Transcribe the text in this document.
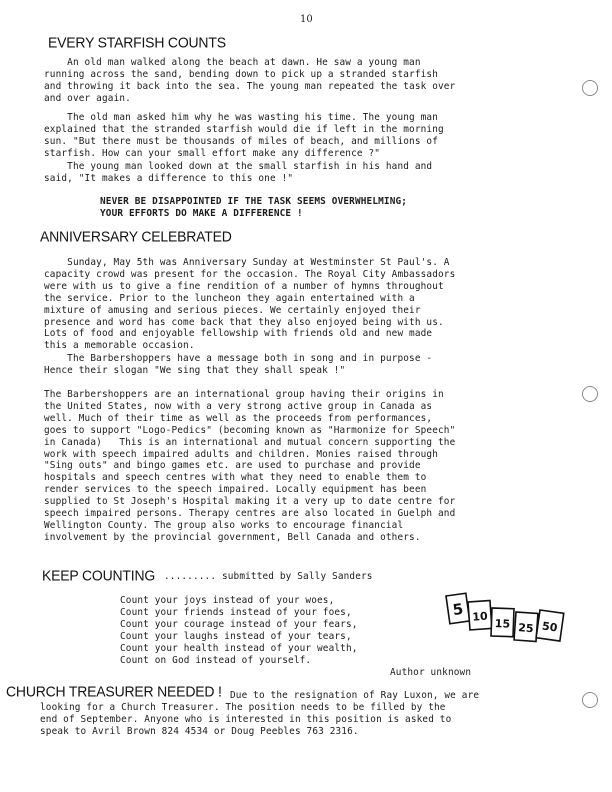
10
EVERY STARFISH COUNTS

An old man walked along the beach at dawn. He saw a young man
running across the sand, bending down to pick up a stranded starfish
and throwing it back into the sea. The young man repeated the task over
and over again.

The old man asked him why he was wasting his time. The young man
explained that the stranded starfish would die if left in the morning
sun. "But there must be thousands of miles of beach, and millions of
starfish. How can your small effort make any difference ?"

The young man looked down at the small starfish in his hand and
said, "It makes a difference to this one !"

NEVER BE DISAPPOINTED IF THE TASK SEEMS OVERWHELMING;
YOUR EFFORTS DO MAKE A DIFFERENCE !

ANNIVERSARY CELEBRATED

Sunday, May 5th was Anniversary Sunday at Westminster St Paul's. A
capacity crowd was present for the occasion. The Royal City Ambassadors
were with us to give a fine rendition of a number of hymns throughout
the service. Prior to the luncheon they again entertained with a
mixture of amusing and serious pieces. We certainly enjoyed their
presence and word has come back that they also enjoyed being with us.
Lots of food and enjoyable fellowship with friends old and new made
this a memorable occasion.

The Barbershoppers have a message both in song and in purpose -
Hence their slogan "We sing that they shall speak !"

The Barbershoppers are an international group having their origins in
the United States, now with a very strong active group in Canada as
well. Much of their time as well as the proceeds from performances,
goes to support "Logo-Pedics" (becoming known as "Harmonize for Speech"
in Canada)   This is an international and mutual concern supporting the
work with speech impaired adults and children. Monies raised through
"Sing outs" and bingo games etc. are used to purchase and provide
hospitals and speech centres with what they need to enable them to
render services to the speech impaired. Locally equipment has been
supplied to St Joseph's Hospital making it a very up to date centre for
speech impaired persons. Therapy centres are also located in Guelph and
Wellington County. The group also works to encourage financial
involvement by the provincial government, Bell Canada and others.

KEEP COUNTING ......... submitted by Sally Sanders

Count your joys instead of your woes,
Count your friends instead of your foes,
Count your courage instead of your fears,
Count your laughs instead of your tears,
Count your health instead of your wealth,
Count on God instead of yourself.

Author unknown

5 10
15 25 50
CHURCH TREASURER NEEDED ! Due to the resignation of Ray Luxon, we are

looking for a Church Treasurer. The position needs to be filled by the
end of September. Anyone who is interested in this position is asked to
speak to Avril Brown 824 4534 or Doug Peebles 763 2316.
